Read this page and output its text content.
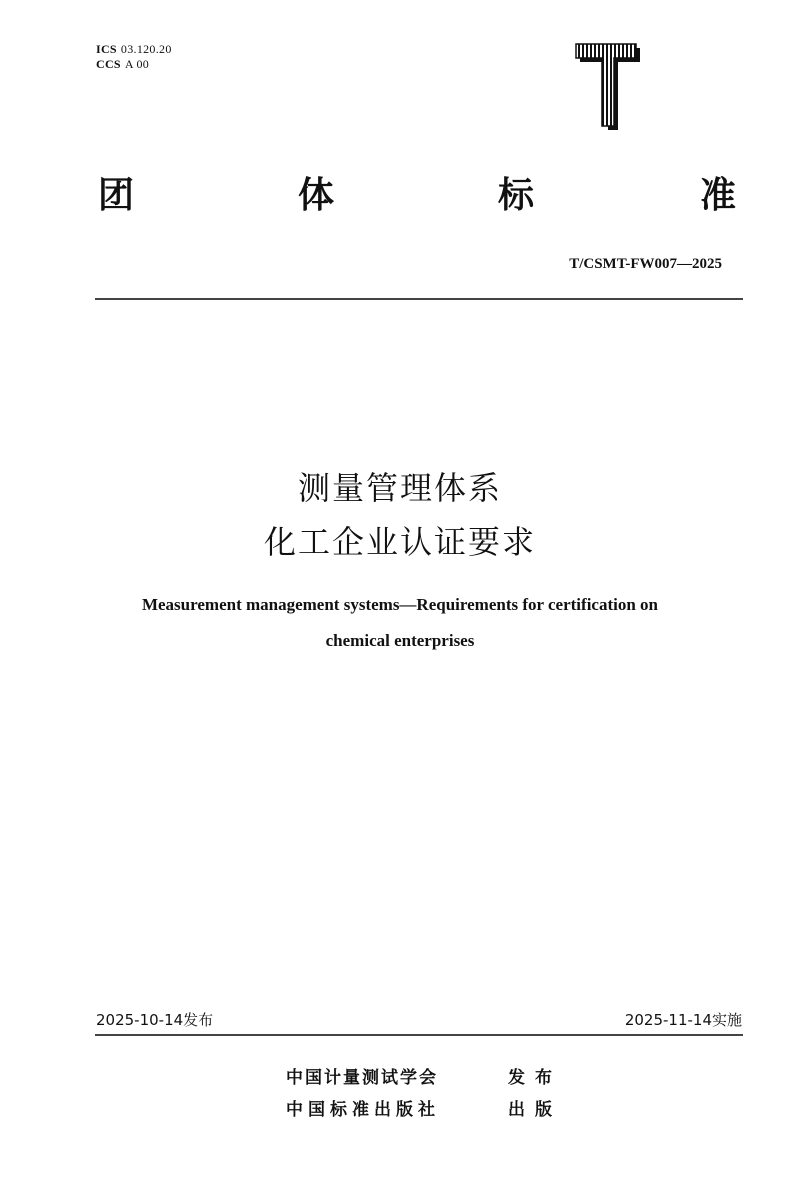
ICS 03.120.20
CCS A 00
团	体	标	准
T/CSMT-FW007—2025
测量管理体系
化工企业认证要求
Measurement management systems—Requirements for certification on
chemical enterprises
2025-10-14发布	2025-11-14实施
中国计量测试学会	发布
中国标准出版社	出版
